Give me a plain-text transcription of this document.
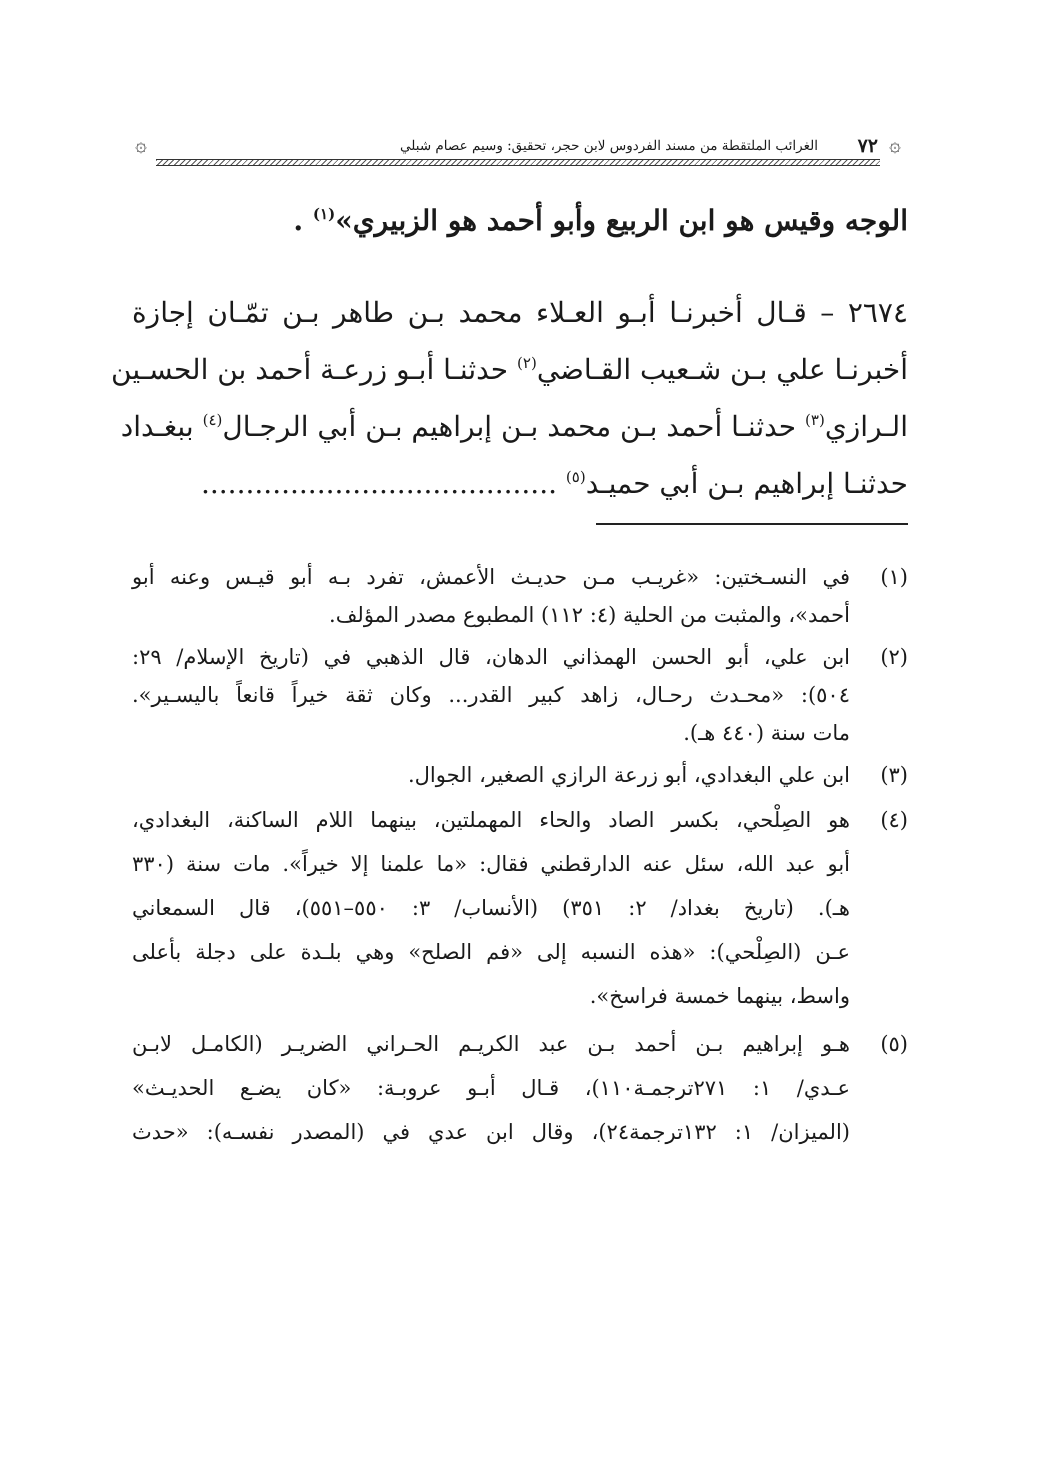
۞
٧٢
الغرائب الملتقطة من مسند الفردوس لابن حجر، تحقيق: وسيم عصام شبلي
۞
الوجه وقيس هو ابن الربيع وأبو أحمد هو الزبيري»$^{(١)}$ .
٢٦٧٤ – قـال أخبرنـا أبـو العـلاء محمد بـن طاهر بـن تمّـان إجازة
أخبرنـا علي بـن شـعيب القـاضي$^{(٢)}$ حدثنـا أبـو زرعـة أحمد بن الحسـين
الـرازي$^{(٣)}$ حدثنـا أحمد بـن محمد بـن إبراهيم بـن أبي الرجـال$^{(٤)}$ ببغـداد
حدثنـا إبراهيم بـن أبي حميـد$^{(٥)}$ ........................................
(١)
في النسـختين: «غريـب مـن حديـث الأعمش، تفرد بـه أبو قيـس وعنه أبو
أحمد»، والمثبت من الحلية (٤: ١١٢) المطبوع مصدر المؤلف.
(٢)
ابن علي، أبو الحسن الهمذاني الدهان، قال الذهبي في (تاريخ الإسلام/ ٢٩:
٥٠٤): «محـدث رحـال، زاهد كبير القدر... وكان ثقة خيراً قانعاً باليسـير».
مات سنة (٤٤٠ هـ).
(٣)
ابن علي البغدادي، أبو زرعة الرازي الصغير، الجوال.
(٤)
هو الصِلْحي، بكسر الصاد والحاء المهملتين، بينهما اللام الساكنة، البغدادي،
أبو عبد الله، سئل عنه الدارقطني فقال: «ما علمنا إلا خيراً». مات سنة (٣٣٠
هـ). (تاريخ بغداد/ ٢: ٣٥١) (الأنساب/ ٣: ٥٥٠–٥٥١)، قال السمعاني
عـن (الصِلْحي): «هذه النسبه إلى «فم الصلح» وهي بلـدة على دجلة بأعلى
واسط، بينهما خمسة فراسخ».
(٥)
هـو إبراهيم بـن أحمد بـن عبد الكريـم الحـراني الضريـر (الكامـل لابـن
عـدي/ ١: ٢٧١ترجمـة١١٠)، قـال أبـو عروبـة: «كان يضـع الحديـث»
(الميزان/ ١: ١٣٢ترجمة٢٤)، وقال ابن عدي في (المصدر نفسـه): «حدث
